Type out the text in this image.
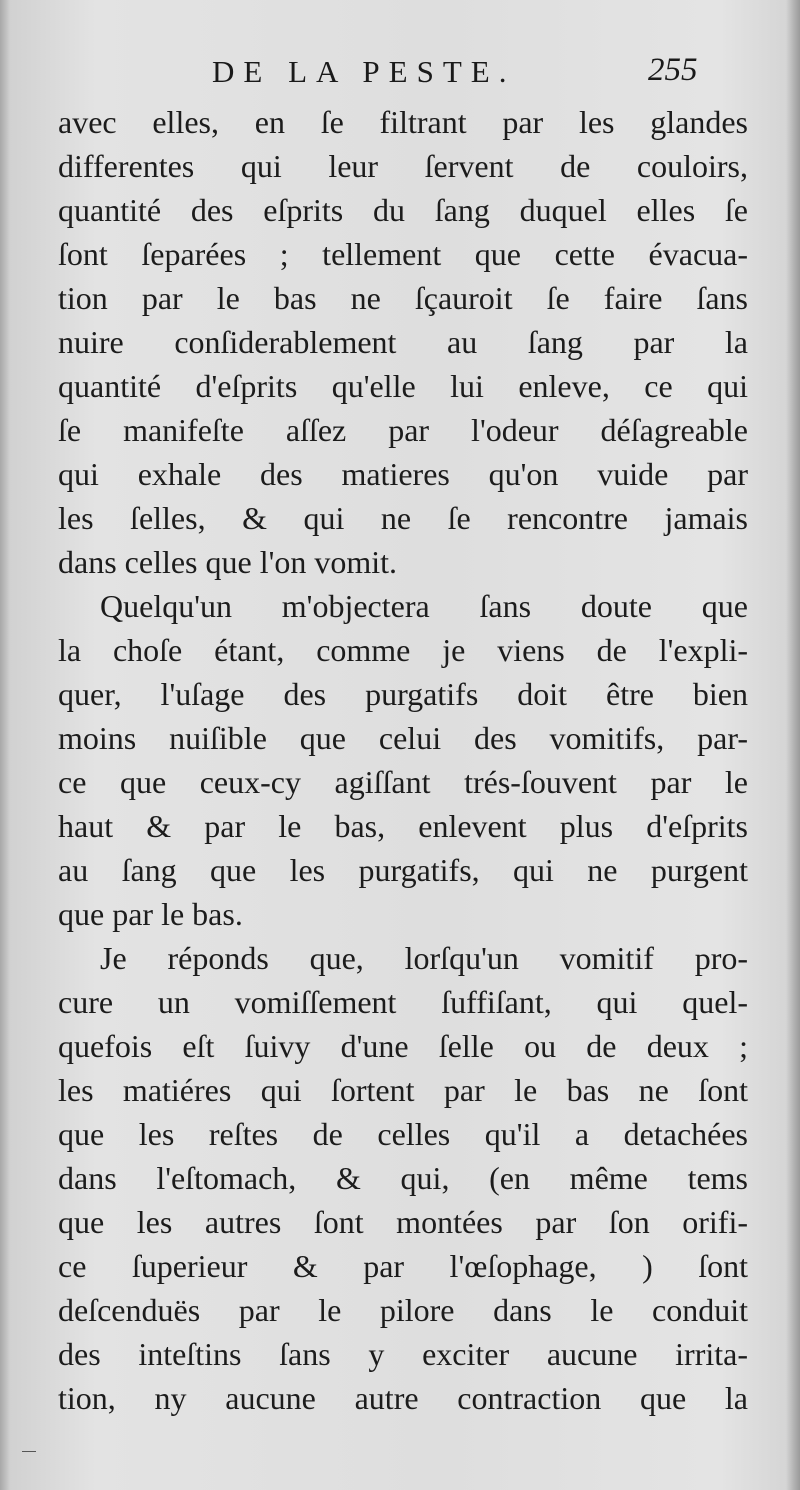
DE LA PESTE.	255
avec elles, en ſe filtrant par les glandes
differentes qui leur ſervent de couloirs,
quantité des eſprits du ſang duquel elles ſe
ſont ſeparées ; tellement que cette évacua-
tion par le bas ne ſçauroit ſe faire ſans
nuire conſiderablement au ſang par la
quantité d'eſprits qu'elle lui enleve, ce qui
ſe manifeſte aſſez par l'odeur déſagreable
qui exhale des matieres qu'on vuide par
les ſelles, & qui ne ſe rencontre jamais
dans celles que l'on vomit.
Quelqu'un m'objectera ſans doute que
la choſe étant, comme je viens de l'expli-
quer, l'uſage des purgatifs doit être bien
moins nuiſible que celui des vomitifs, par-
ce que ceux-cy agiſſant trés-ſouvent par le
haut & par le bas, enlevent plus d'eſprits
au ſang que les purgatifs, qui ne purgent
que par le bas.
Je réponds que, lorſqu'un vomitif pro-
cure un vomiſſement ſuffiſant, qui quel-
quefois eſt ſuivy d'une ſelle ou de deux ;
les matiéres qui ſortent par le bas ne ſont
que les reſtes de celles qu'il a detachées
dans l'eſtomach, & qui, (en même tems
que les autres ſont montées par ſon orifi-
ce ſuperieur & par l'œſophage, ) ſont
deſcenduës par le pilore dans le conduit
des inteſtins ſans y exciter aucune irrita-
tion, ny aucune autre contraction que la
